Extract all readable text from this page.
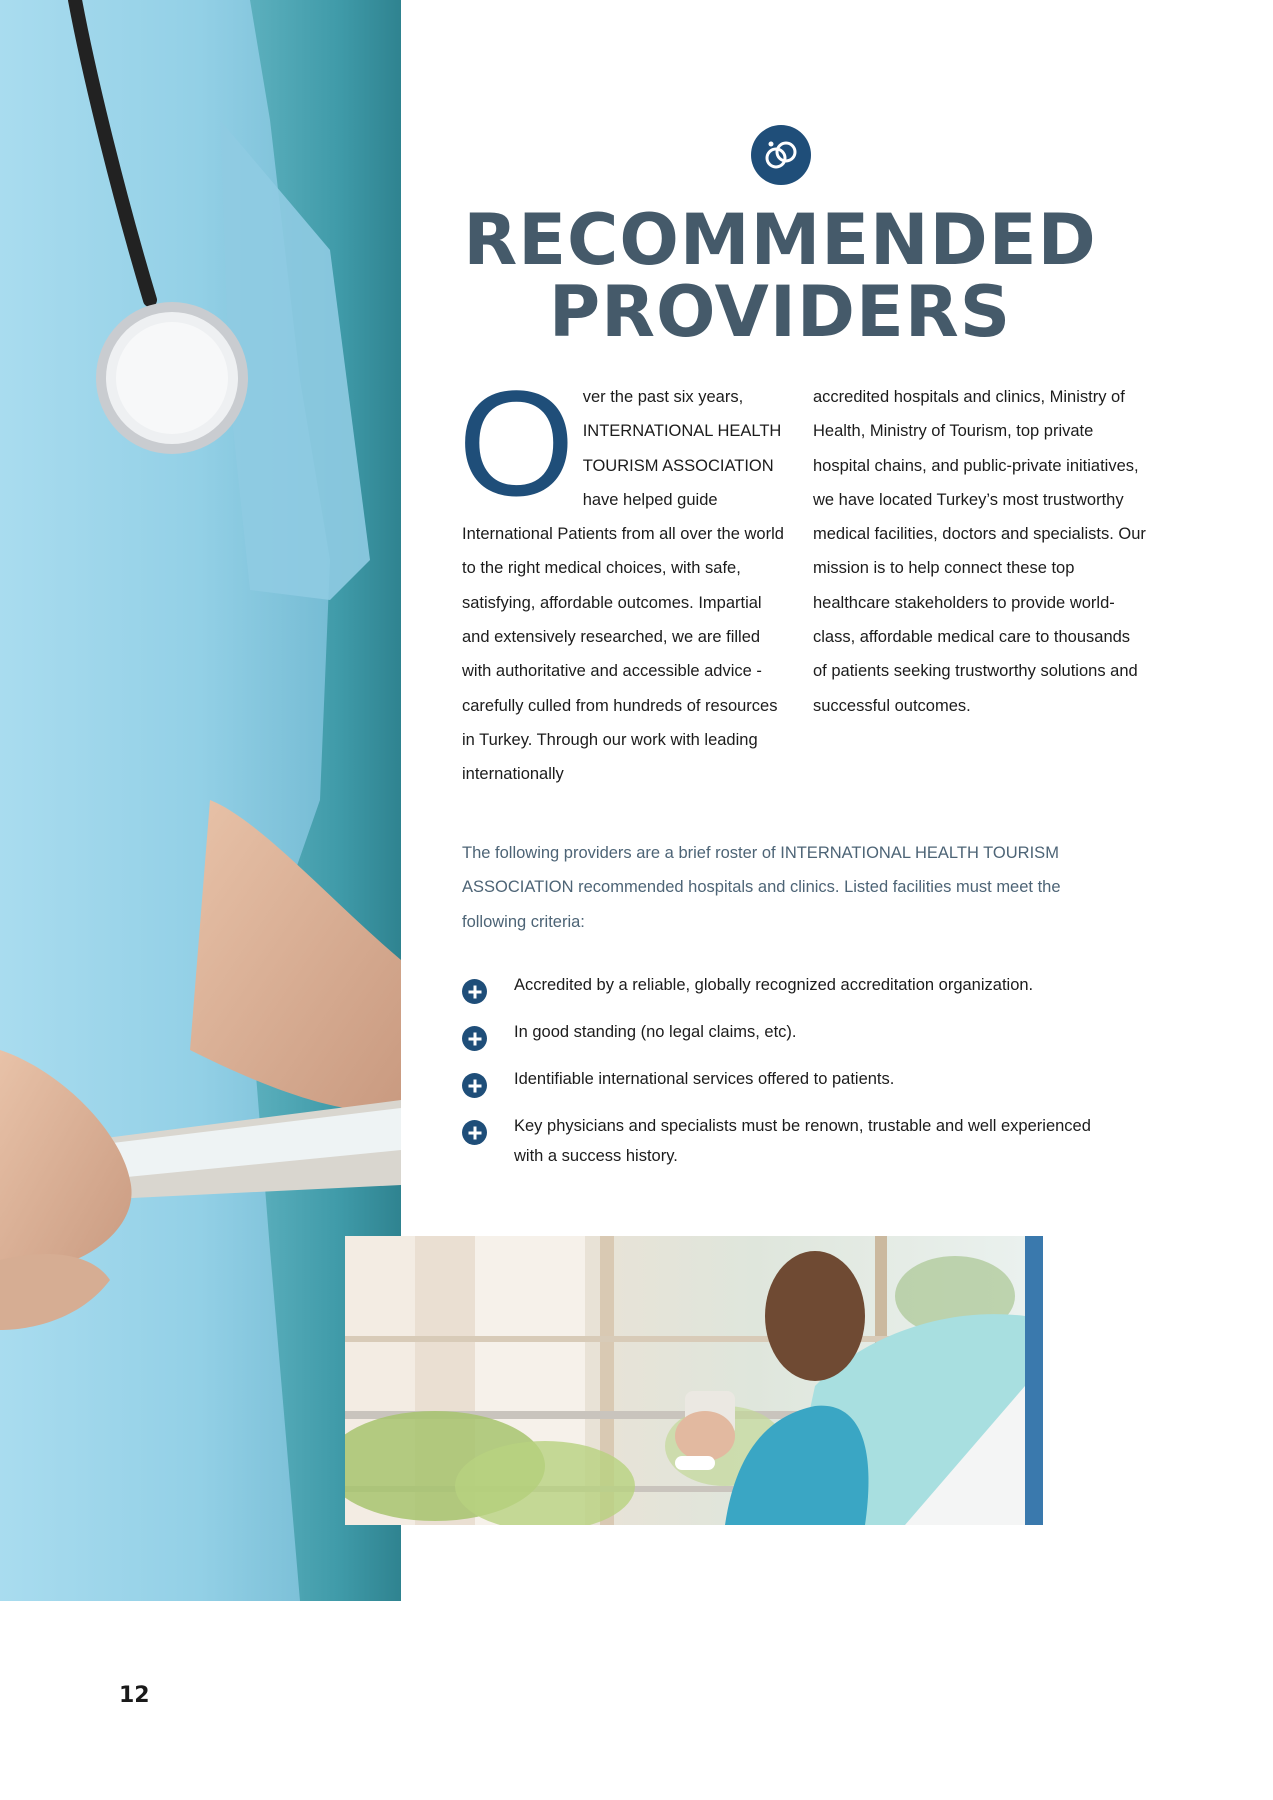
RECOMMENDED
PROVIDERS
Over the past six years, INTERNATIONAL HEALTH TOURISM ASSOCIATION have helped guide International Patients from all over the world to the right medical choices, with safe, satisfying, affordable outcomes. Impartial and extensively researched, we are filled with authoritative and accessible advice - carefully culled from hundreds of resources in Turkey. Through our work with leading internationally
accredited hospitals and clinics, Ministry of Health, Ministry of Tourism, top private hospital chains, and public-private initiatives, we have located Turkey’s most trustworthy medical facilities, doctors and specialists. Our mission is to help connect these top healthcare stakeholders to provide world-class, affordable medical care to thousands of patients seeking trustworthy solutions and successful outcomes.

The following providers are a brief roster of INTERNATIONAL HEALTH TOURISM ASSOCIATION recommended hospitals and clinics. Listed facilities must meet the following criteria:

Accredited by a reliable, globally recognized accreditation organization.
In good standing (no legal claims, etc).
Identifiable international services offered to patients.
Key physicians and specialists must be renown, trustable and well experienced with a success history.
12
